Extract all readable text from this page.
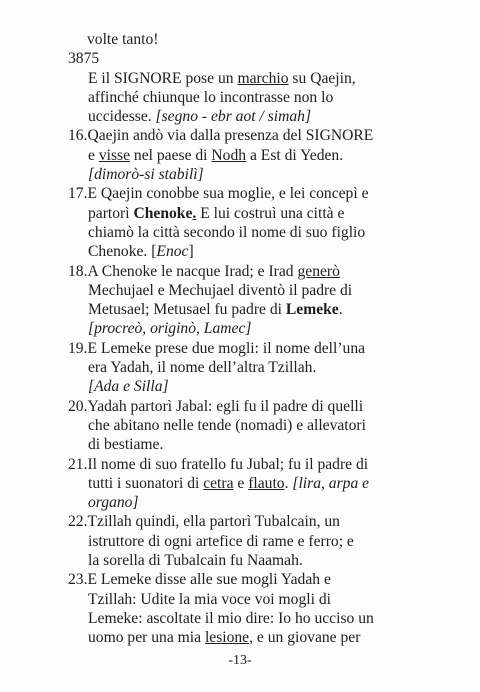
volte tanto!
3875
E il SIGNORE pose un marchio su Qaejin,
affinché chiunque lo incontrasse non lo
uccidesse. [segno - ebr aot / simah]
16.Qaejin andò via dalla presenza del SIGNORE
e visse nel paese di Nodh a Est di Yeden.
[dimorò-si stabilì]
17.E Qaejin conobbe sua moglie, e lei concepì e
partorì Chenoke. E lui costruì una città e
chiamò la città secondo il nome di suo figlio
Chenoke. [Enoc]
18.A Chenoke le nacque Irad; e Irad generò
Mechujael e Mechujael diventò il padre di
Metusael; Metusael fu padre di Lemeke.
[procreò, originò, Lamec]
19.E Lemeke prese due mogli: il nome dell’una
era Yadah, il nome dell’altra Tzillah.
[Ada e Silla]
20.Yadah partorì Jabal: egli fu il padre di quelli
che abitano nelle tende (nomadi) e allevatori
di bestiame.
21.Il nome di suo fratello fu Jubal; fu il padre di
tutti i suonatori di cetra e flauto. [lira, arpa e
organo]
22.Tzillah quindi, ella partorì Tubalcain, un
istruttore di ogni artefice di rame e ferro; e
la sorella di Tubalcain fu Naamah.
23.E Lemeke disse alle sue mogli Yadah e
Tzillah: Udite la mia voce voi mogli di
Lemeke: ascoltate il mio dire: Io ho ucciso un
uomo per una mia lesione, e un giovane per
-13-
